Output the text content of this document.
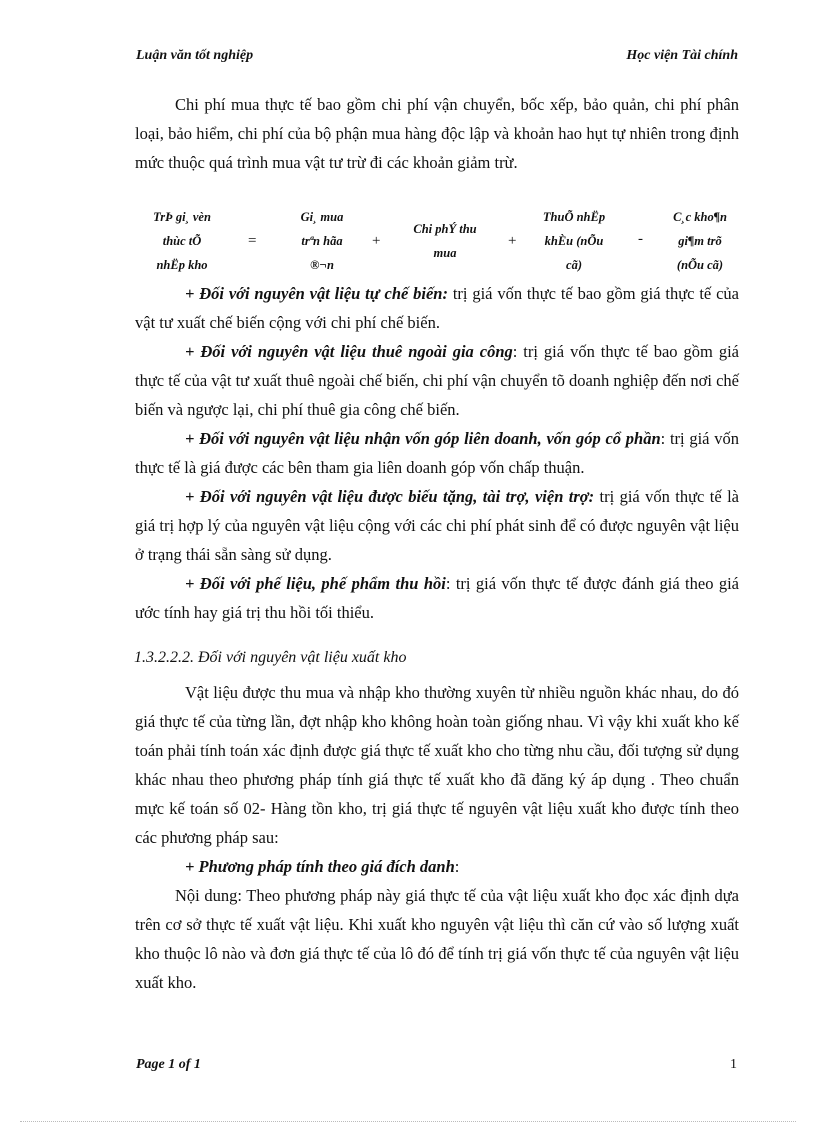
Luận văn tốt nghiệp	Học viện Tài chính

Chi phí mua thực tế bao gồm chi phí vận chuyển, bốc xếp, bảo quản, chi phí phân loại, bảo hiểm, chi phí của bộ phận mua hàng độc lập và khoản hao hụt tự nhiên trong định mức thuộc quá trình mua vật tư trừ đi các khoản giảm trừ.

TrÞ gi¸ vèn
thùc tÕ
nhËp kho
=
Gi¸ mua
trªn hãa
®¬n
+
Chi phÝ thu
mua
+
ThuÕ nhËp
khÈu (nÕu
cã)
-
C¸c kho¶n
gi¶m trõ
(nÕu cã)

+ Đối với nguyên vật liệu tự chế biến: trị giá vốn thực tế bao gồm giá thực tế của vật tư xuất chế biến cộng với chi phí chế biến.

+ Đối với nguyên vật liệu thuê ngoài gia công: trị giá vốn thực tế bao gồm giá thực tế của vật tư xuất thuê ngoài chế biến, chi phí vận chuyển tõ doanh nghiệp đến nơi chế biến và ngược lại, chi phí thuê gia công chế biến.

+ Đối với nguyên vật liệu nhận vốn góp liên doanh, vốn góp cổ phần: trị giá vốn thực tế là giá được các bên tham gia liên doanh góp vốn chấp thuận.

+ Đối với nguyên vật liệu được biếu tặng, tài trợ, viện trợ: trị giá vốn thực tế là giá trị hợp lý của nguyên vật liệu cộng với các chi phí phát sinh để có được nguyên vật liệu ở trạng thái sẵn sàng sử dụng.

+ Đối với phế liệu, phế phẩm thu hồi: trị giá vốn thực tế được đánh giá theo giá ước tính hay giá trị thu hồi tối thiểu.

1.3.2.2.2. Đối với nguyên vật liệu xuất kho

Vật liệu được thu mua và nhập kho thường xuyên từ nhiều nguồn khác nhau, do đó giá thực tế của từng lần, đợt nhập kho không hoàn toàn giống nhau. Vì vậy khi xuất kho kế toán phải tính toán xác định được giá thực tế xuất kho cho từng nhu cầu, đối tượng sử dụng khác nhau theo phương pháp tính giá thực tế xuất kho đã đăng ký áp dụng . Theo chuẩn mực kế toán số 02- Hàng tồn kho, trị giá thực tế nguyên vật liệu xuất kho được tính theo các phương pháp sau:

+ Phương pháp tính theo giá đích danh:

Nội dung: Theo phương pháp này giá thực tế của vật liệu xuất kho đọc xác định dựa trên cơ sở thực tế xuất vật liệu. Khi xuất kho nguyên vật liệu thì căn cứ vào số lượng xuất kho thuộc lô nào và đơn giá thực tế của lô đó để tính trị giá vốn thực tế của nguyên vật liệu xuất kho.

Page 1 of 1	1
